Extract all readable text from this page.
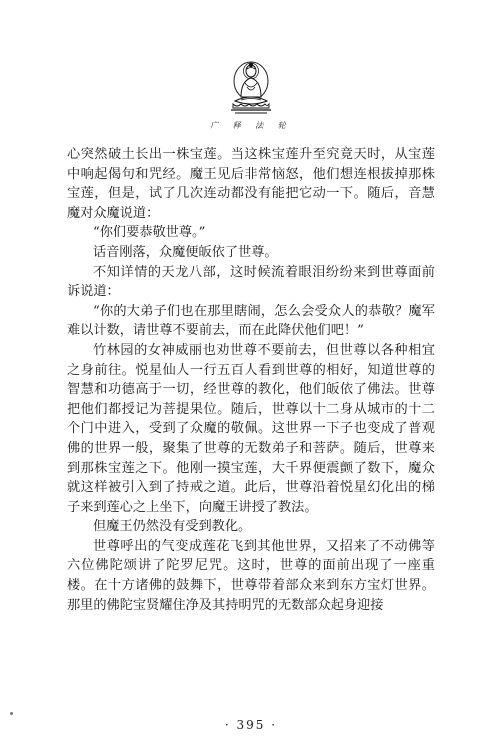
广 释 法 轮

心突然破土长出一株宝莲。当这株宝莲升至究竟天时，从宝莲中响起偈句和咒经。魔王见后非常恼怒，他们想连根拔掉那株宝莲，但是，试了几次连动都没有能把它动一下。随后，音慧魔对众魔说道：

“你们要恭敬世尊。”

话音刚落，众魔便皈依了世尊。

不知详情的天龙八部，这时候流着眼泪纷纷来到世尊面前诉说道：

“你的大弟子们也在那里瞎闹，怎么会受众人的恭敬？魔军难以计数，请世尊不要前去，而在此降伏他们吧！”

竹林园的女神威丽也劝世尊不要前去，但世尊以各种相宜之身前往。悦星仙人一行五百人看到世尊的相好，知道世尊的智慧和功德高于一切，经世尊的教化，他们皈依了佛法。世尊把他们都授记为菩提果位。随后，世尊以十二身从城市的十二个门中进入，受到了众魔的敬佩。这世界一下子也变成了普观佛的世界一般，聚集了世尊的无数弟子和菩萨。随后，世尊来到那株宝莲之下。他刚一摸宝莲，大千界便震颤了数下，魔众就这样被引入到了持戒之道。此后，世尊沿着悦星幻化出的梯子来到莲心之上坐下，向魔王讲授了教法。

但魔王仍然没有受到教化。

世尊呼出的气变成莲花飞到其他世界，又招来了不动佛等六位佛陀颂讲了陀罗尼咒。这时，世尊的面前出现了一座重楼。在十方诸佛的鼓舞下，世尊带着部众来到东方宝灯世界。那里的佛陀宝贤耀住净及其持明咒的无数部众起身迎接

· 395 ·
